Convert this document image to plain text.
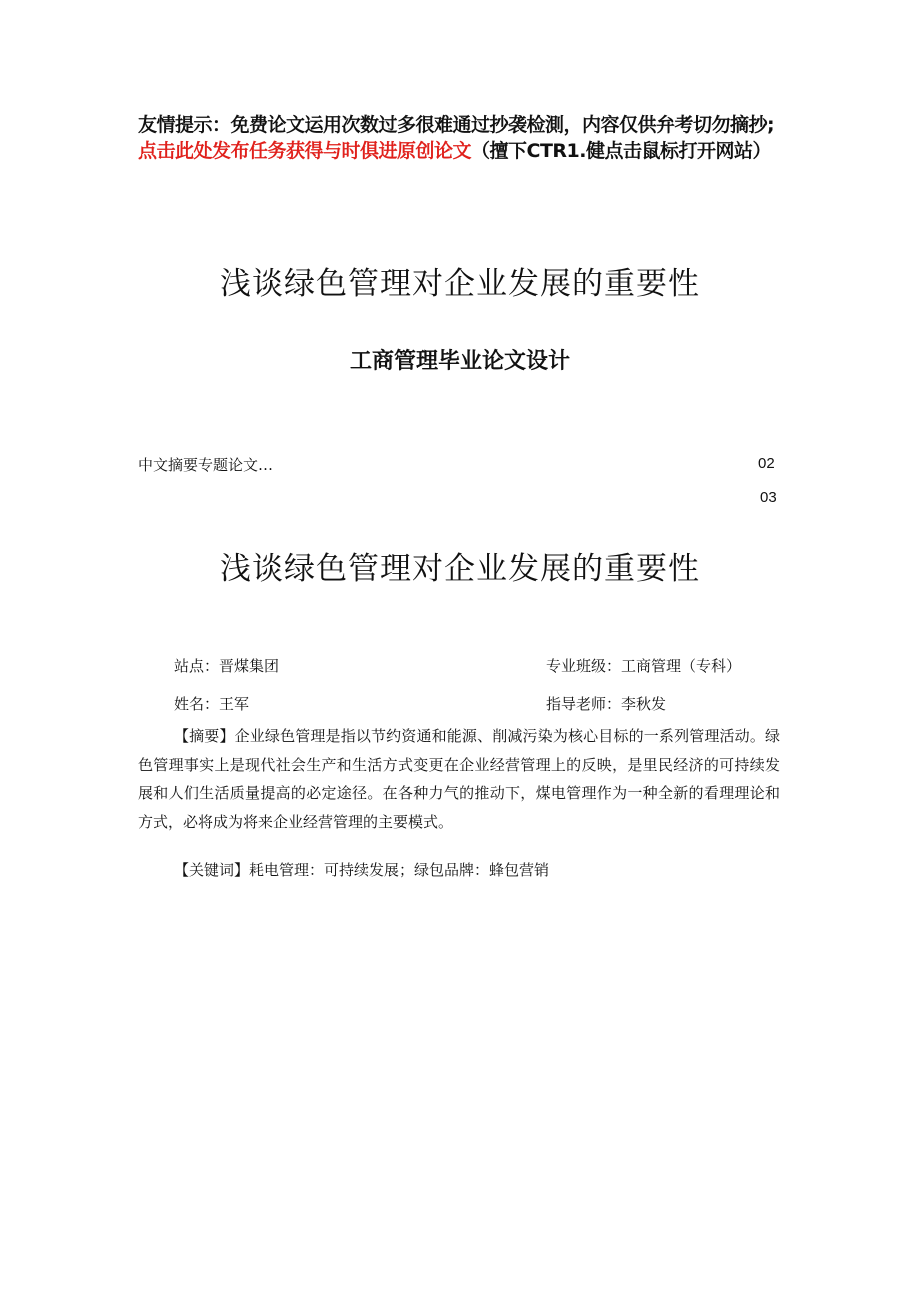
友情提示：免费论文运用次数过多很难通过抄袭检測，内容仅供弁考切勿摘抄;点击此处发布任务获得与时俱进原创论文（擅下CTR1.健点击鼠标打开网站）
浅谈绿色管理对企业发展的重要性
工商管理毕业论文设计
中文摘要专题论文…	02
03
浅谈绿色管理对企业发展的重要性
站点：晋煤集团	专业班级：工商管理（专科）
姓名：王军	指导老师：李秋发
【摘要】企业绿色管理是指以节约资通和能源、削减污染为核心目标的一系列管理活动。绿色管理事实上是现代社会生产和生活方式变更在企业经营管理上的反映，是里民经济的可持续发展和人们生活质量提高的必定途径。在各种力气的推动下，煤电管理作为一种全新的看理理论和方式，必将成为将来企业经营管理的主要模式。
【关键词】耗电管理：可持续发展；绿包品牌：蜂包营销
